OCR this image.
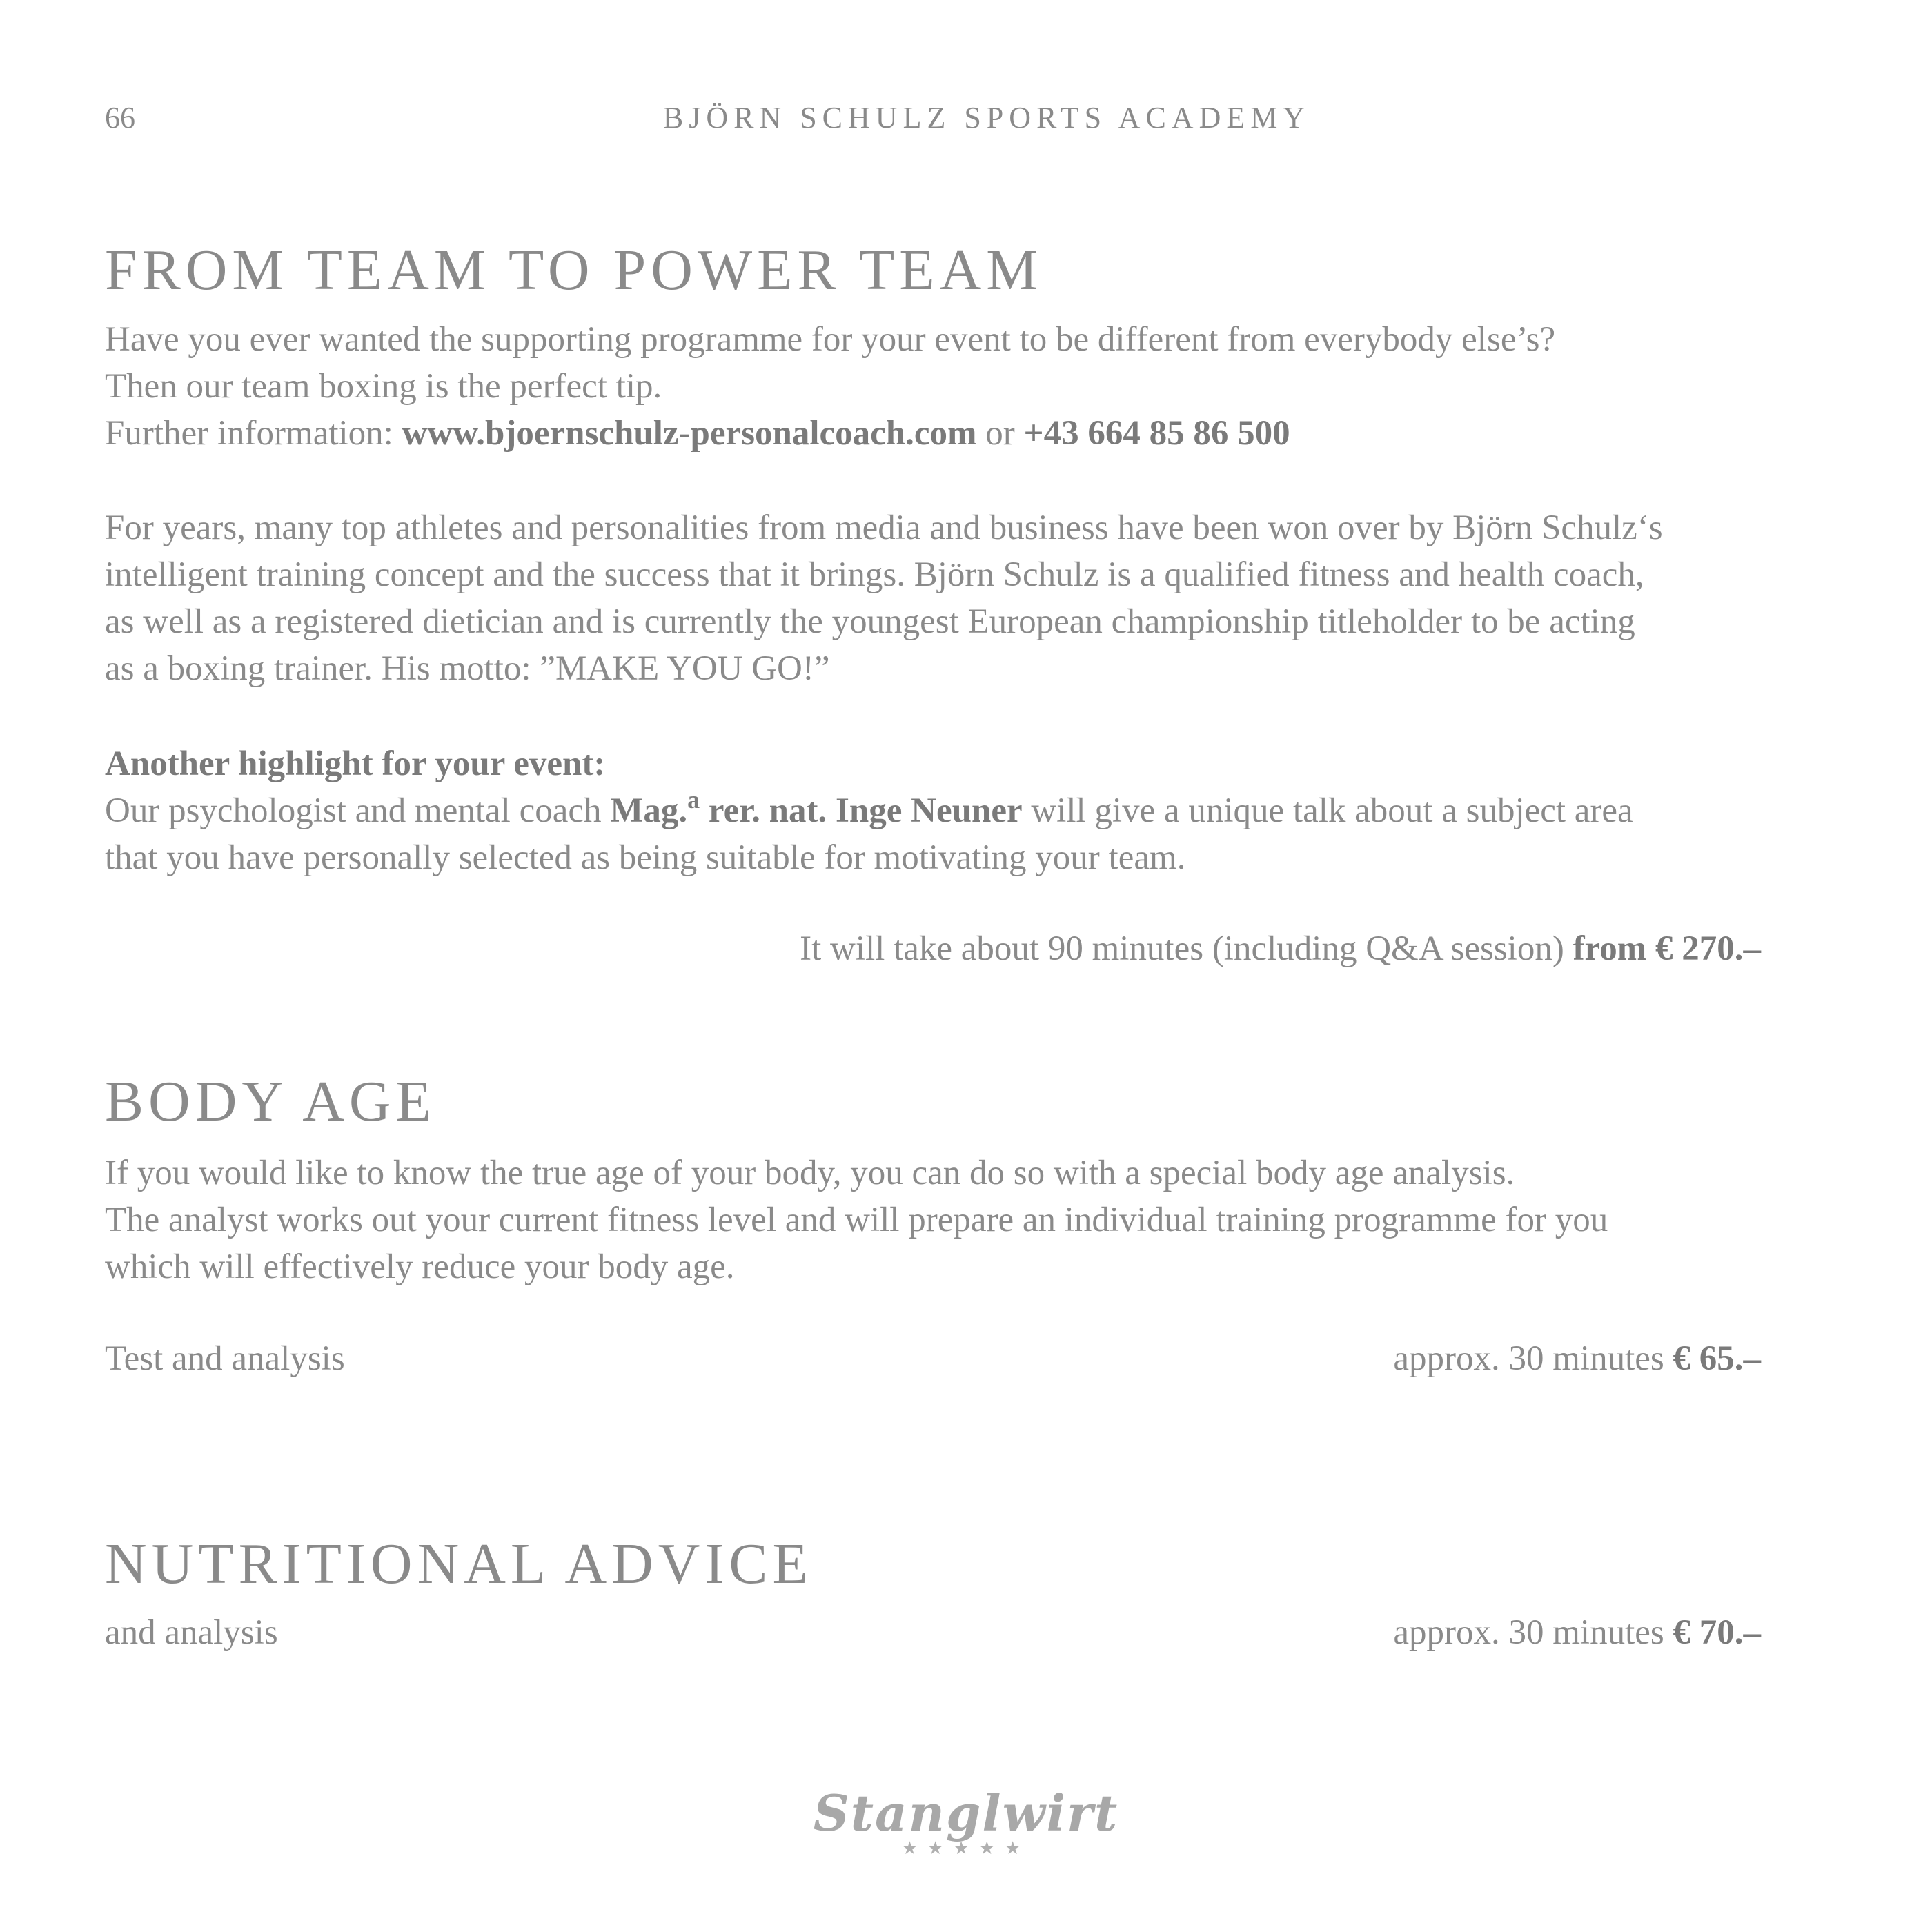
66	BJÖRN SCHULZ SPORTS ACADEMY
FROM TEAM TO POWER TEAM

Have you ever wanted the supporting programme for your event to be different from everybody else’s?
Then our team boxing is the perfect tip.
Further information: www.bjoernschulz-personalcoach.com or +43 664 85 86 500

For years, many top athletes and personalities from media and business have been won over by Björn Schulz‘s
intelligent training concept and the success that it brings. Björn Schulz is a qualified fitness and health coach,
as well as a registered dietician and is currently the youngest European championship titleholder to be acting
as a boxing trainer. His motto: ”MAKE YOU GO!”

Another highlight for your event:
Our psychologist and mental coach Mag.$^a$ rer. nat. Inge Neuner will give a unique talk about a subject area
that you have personally selected as being suitable for motivating your team.

It will take about 90 minutes (including Q&A session) from € 270.–
BODY AGE

If you would like to know the true age of your body, you can do so with a special body age analysis.
The analyst works out your current fitness level and will prepare an individual training programme for you
which will effectively reduce your body age.

Test and analysis	approx. 30 minutes € 65.–
NUTRITIONAL ADVICE
and analysis	approx. 30 minutes € 70.–
Stanglwirt
★★★★★
